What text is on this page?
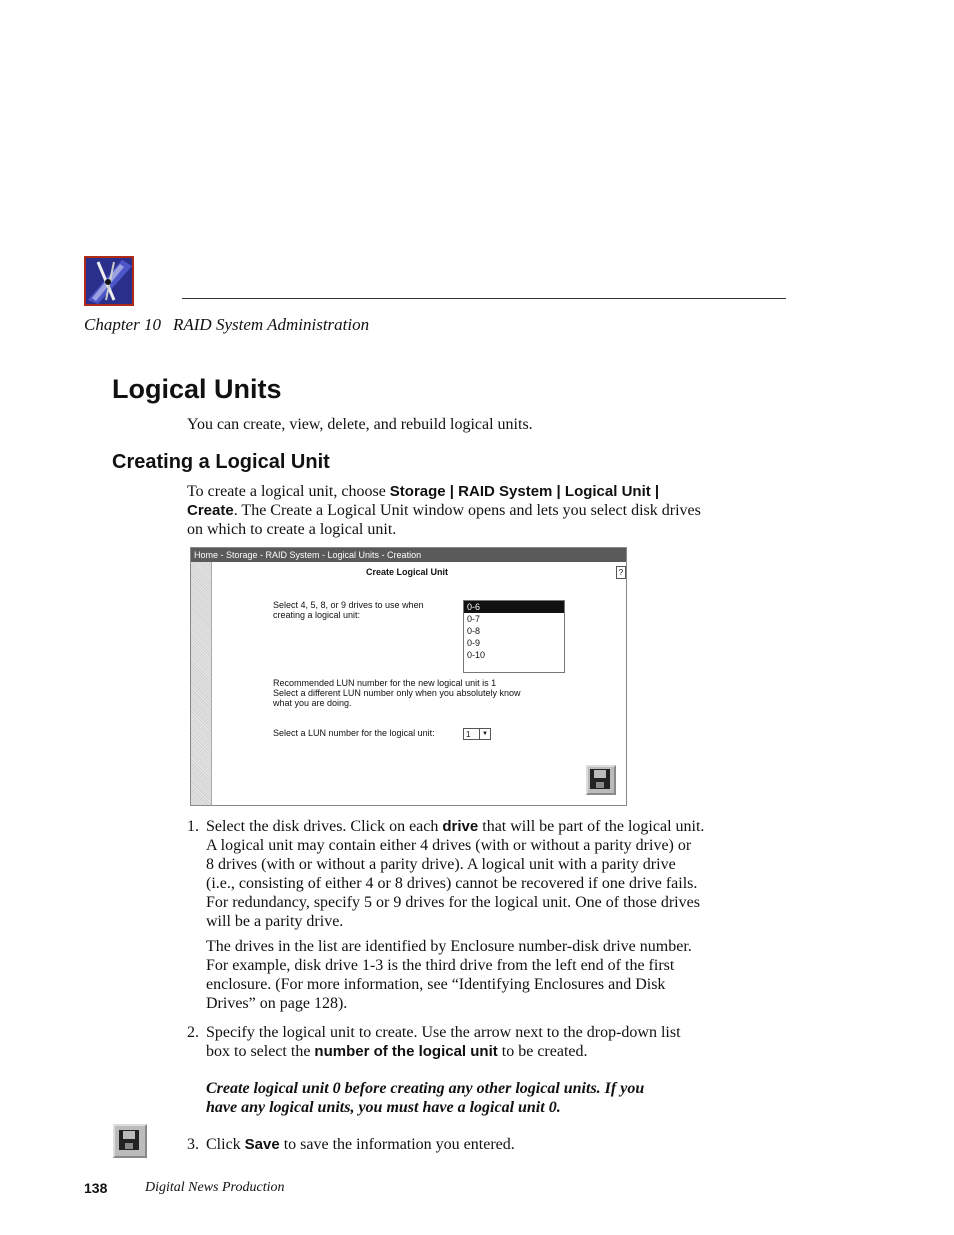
Chapter 10 RAID System Administration
Logical Units
You can create, view, delete, and rebuild logical units.
Creating a Logical Unit
To create a logical unit, choose Storage | RAID System | Logical Unit |
Create. The Create a Logical Unit window opens and lets you select disk drives
on which to create a logical unit.
Home - Storage - RAID System - Logical Units - Creation
Create Logical Unit	?
Select 4, 5, 8, or 9 drives to use when
creating a logical unit:
0-6
0-7
0-8
0-9
0-10
Recommended LUN number for the new logical unit is 1
Select a different LUN number only when you absolutely know
what you are doing.
Select a LUN number for the logical unit:	1	▼
1. Select the disk drives. Click on each drive that will be part of the logical unit.
A logical unit may contain either 4 drives (with or without a parity drive) or
8 drives (with or without a parity drive). A logical unit with a parity drive
(i.e., consisting of either 4 or 8 drives) cannot be recovered if one drive fails.
For redundancy, specify 5 or 9 drives for the logical unit. One of those drives
will be a parity drive.
The drives in the list are identified by Enclosure number-disk drive number.
For example, disk drive 1-3 is the third drive from the left end of the first
enclosure. (For more information, see “Identifying Enclosures and Disk
Drives” on page 128).
2. Specify the logical unit to create. Use the arrow next to the drop-down list
box to select the number of the logical unit to be created.
Create logical unit 0 before creating any other logical units. If you
have any logical units, you must have a logical unit 0.
3. Click Save to save the information you entered.
138	Digital News Production
